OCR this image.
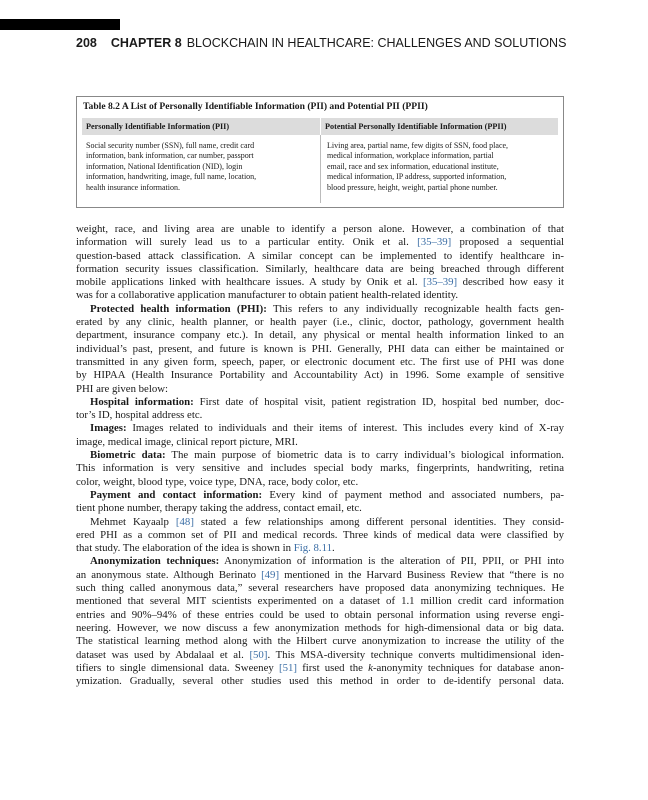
208 CHAPTER 8 BLOCKCHAIN IN HEALTHCARE: CHALLENGES AND SOLUTIONS
Table 8.2 A List of Personally Identifiable Information (PII) and Potential PII (PPII)
Personally Identifiable Information (PII)	Potential Personally Identifiable Information (PPII)
Social security number (SSN), full name, credit card
information, bank information, car number, passport
information, National Identification (NID), login
information, handwriting, image, full name, location,
health insurance information.
Living area, partial name, few digits of SSN, food place,
medical information, workplace information, partial
email, race and sex information, educational institute,
medical information, IP address, supported information,
blood pressure, height, weight, partial phone number.
weight, race, and living area are unable to identify a person alone. However, a combination of that
information will surely lead us to a particular entity. Onik et al. [35–39] proposed a sequential
question-based attack classification. A similar concept can be implemented to identify healthcare in-
formation security issues classification. Similarly, healthcare data are being breached through different
mobile applications linked with healthcare issues. A study by Onik et al. [35–39] described how easy it
was for a collaborative application manufacturer to obtain patient health-related identity.
Protected health information (PHI): This refers to any individually recognizable health facts gen-
erated by any clinic, health planner, or health payer (i.e., clinic, doctor, pathology, government health
department, insurance company etc.). In detail, any physical or mental health information linked to an
individual’s past, present, and future is known is PHI. Generally, PHI data can either be maintained or
transmitted in any given form, speech, paper, or electronic document etc. The first use of PHI was done
by HIPAA (Health Insurance Portability and Accountability Act) in 1996. Some example of sensitive
PHI are given below:
Hospital information: First date of hospital visit, patient registration ID, hospital bed number, doc-
tor’s ID, hospital address etc.
Images: Images related to individuals and their items of interest. This includes every kind of X-ray
image, medical image, clinical report picture, MRI.
Biometric data: The main purpose of biometric data is to carry individual’s biological information.
This information is very sensitive and includes special body marks, fingerprints, handwriting, retina
color, weight, blood type, voice type, DNA, race, body color, etc.
Payment and contact information: Every kind of payment method and associated numbers, pa-
tient phone number, therapy taking the address, contact email, etc.
Mehmet Kayaalp [48] stated a few relationships among different personal identities. They consid-
ered PHI as a common set of PII and medical records. Three kinds of medical data were classified by
that study. The elaboration of the idea is shown in Fig. 8.11.
Anonymization techniques: Anonymization of information is the alteration of PII, PPII, or PHI into
an anonymous state. Although Berinato [49] mentioned in the Harvard Business Review that “there is no
such thing called anonymous data,” several researchers have proposed data anonymizing techniques. He
mentioned that several MIT scientists experimented on a dataset of 1.1 million credit card information
entries and 90%–94% of these entries could be used to obtain personal information using reverse engi-
neering. However, we now discuss a few anonymization methods for high-dimensional data or big data.
The statistical learning method along with the Hilbert curve anonymization to increase the utility of the
dataset was used by Abdalaal et al. [50]. This MSA-diversity technique converts multidimensional iden-
tifiers to single dimensional data. Sweeney [51] first used the k-anonymity techniques for database anon-
ymization. Gradually, several other studies used this method in order to de-identify personal data.
